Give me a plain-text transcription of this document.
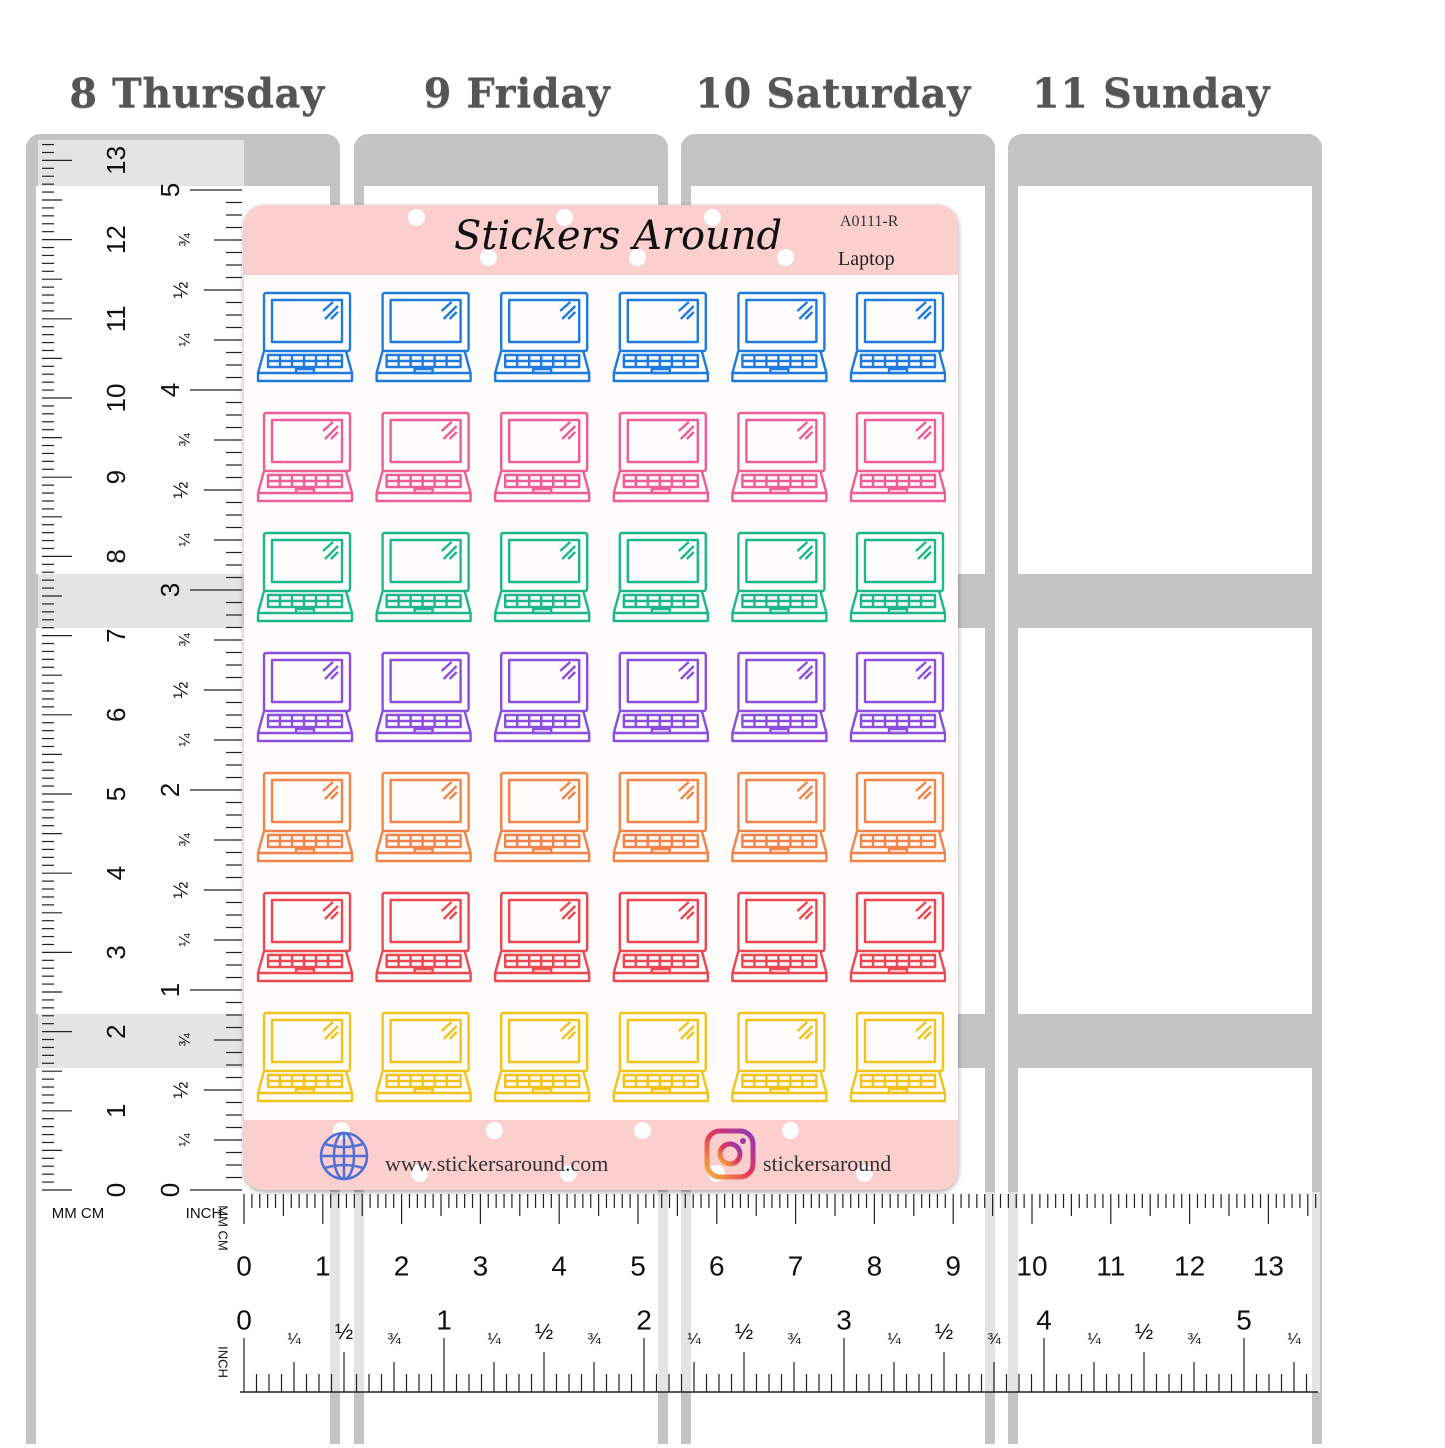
8 Thursday	9 Friday	10 Saturday	11 Sunday
0
1
2
3
4
5
6
7
8
9
10
11
12
13
0
¼
½
¾
1
¼
½
¾
2
¼
½
¾
3
¼
½
¾
4
¼
½
¾
5
MM CM	INCH
0 1 2 3 4 5 6 7 8 9 10 11 12 13
0
¼ ½ ¾
1
¼ ½ ¾
2
¼ ½ ¾
3
¼ ½ ¾
4
¼ ½ ¾
5
¼
MM CM
INCH
Stickers Around	A0111-R
Laptop
www.stickersaround.com	stickersaround
